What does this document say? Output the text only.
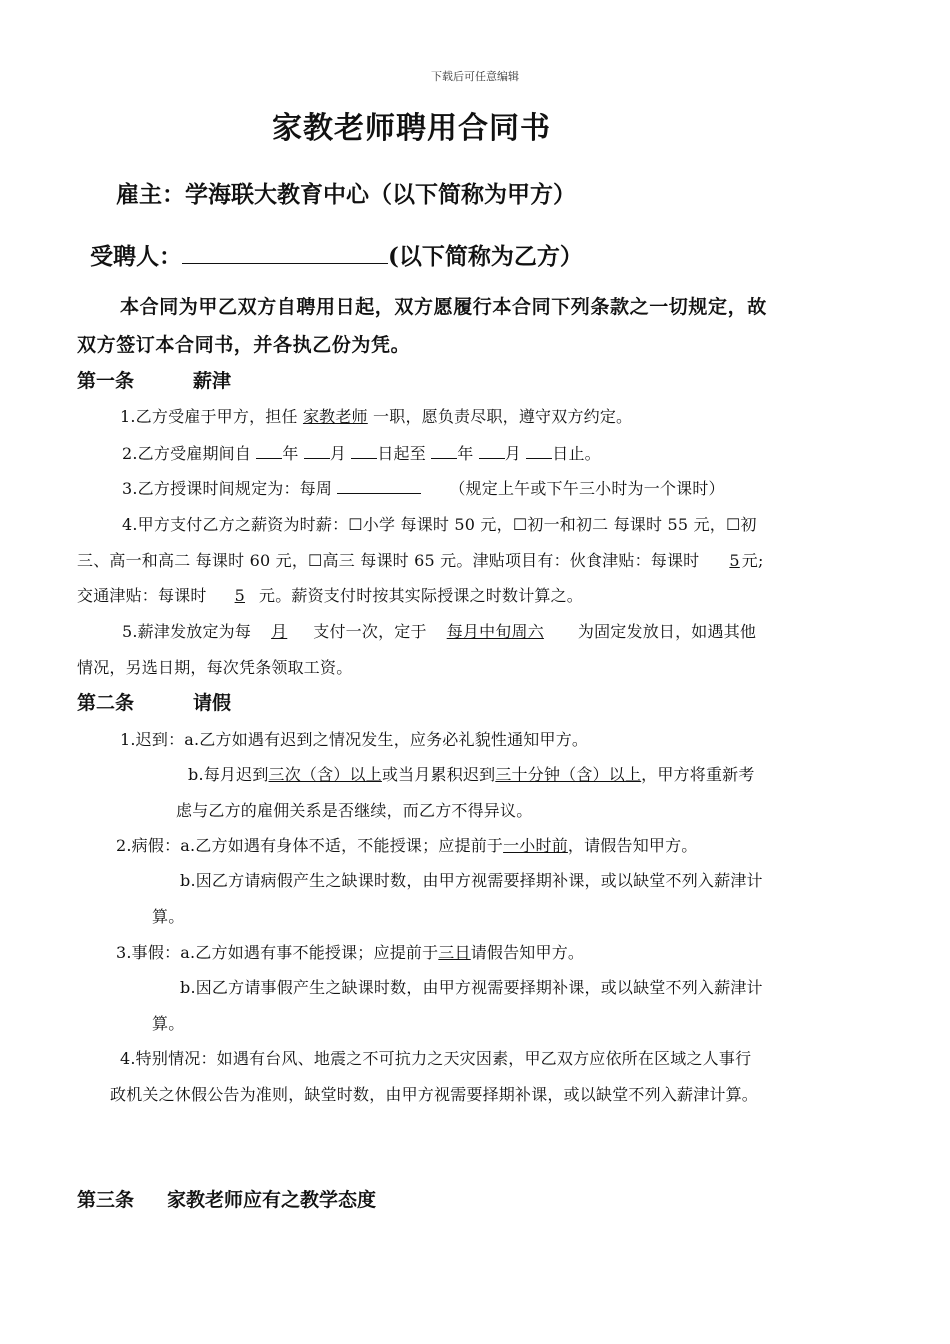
下载后可任意编辑
家教老师聘用合同书
雇主：学海联大教育中心（以下简称为甲方）
受聘人：	(以下简称为乙方）
本合同为甲乙双方自聘用日起，双方愿履行本合同下列条款之一切规定，故
双方签订本合同书，并各执乙份为凭。
第一条	薪津
1.乙方受雇于甲方，担任 家教老师 一职，愿负责尽职，遵守双方约定。
2.乙方受雇期间自 年 月 日起至 年 月 日止。
3.乙方授课时间规定为：每周	（规定上午或下午三小时为一个课时）
4.甲方支付乙方之薪资为时薪：☐小学 每课时 50 元，☐初一和初二 每课时 55 元，☐初
三、高一和高二 每课时 60 元，☐高三 每课时 65 元。津贴项目有：伙食津贴：每课时 5 元;
交通津贴：每课时 5 元。薪资支付时按其实际授课之时数计算之。
5.薪津发放定为每 月 支付一次，定于 每月中旬周六 为固定发放日，如遇其他
情况，另选日期，每次凭条领取工资。
第二条	请假
1.迟到：a.乙方如遇有迟到之情况发生，应务必礼貌性通知甲方。
b.每月迟到三次（含）以上或当月累积迟到三十分钟（含）以上，甲方将重新考
虑与乙方的雇佣关系是否继续，而乙方不得异议。
2.病假：a.乙方如遇有身体不适，不能授课；应提前于一小时前，请假告知甲方。
b.因乙方请病假产生之缺课时数，由甲方视需要择期补课，或以缺堂不列入薪津计
算。
3.事假：a.乙方如遇有事不能授课；应提前于三日请假告知甲方。
b.因乙方请事假产生之缺课时数，由甲方视需要择期补课，或以缺堂不列入薪津计
算。
4.特别情况：如遇有台风、地震之不可抗力之天灾因素，甲乙双方应依所在区域之人事行
政机关之休假公告为准则，缺堂时数，由甲方视需要择期补课，或以缺堂不列入薪津计算。
第三条 家教老师应有之教学态度
